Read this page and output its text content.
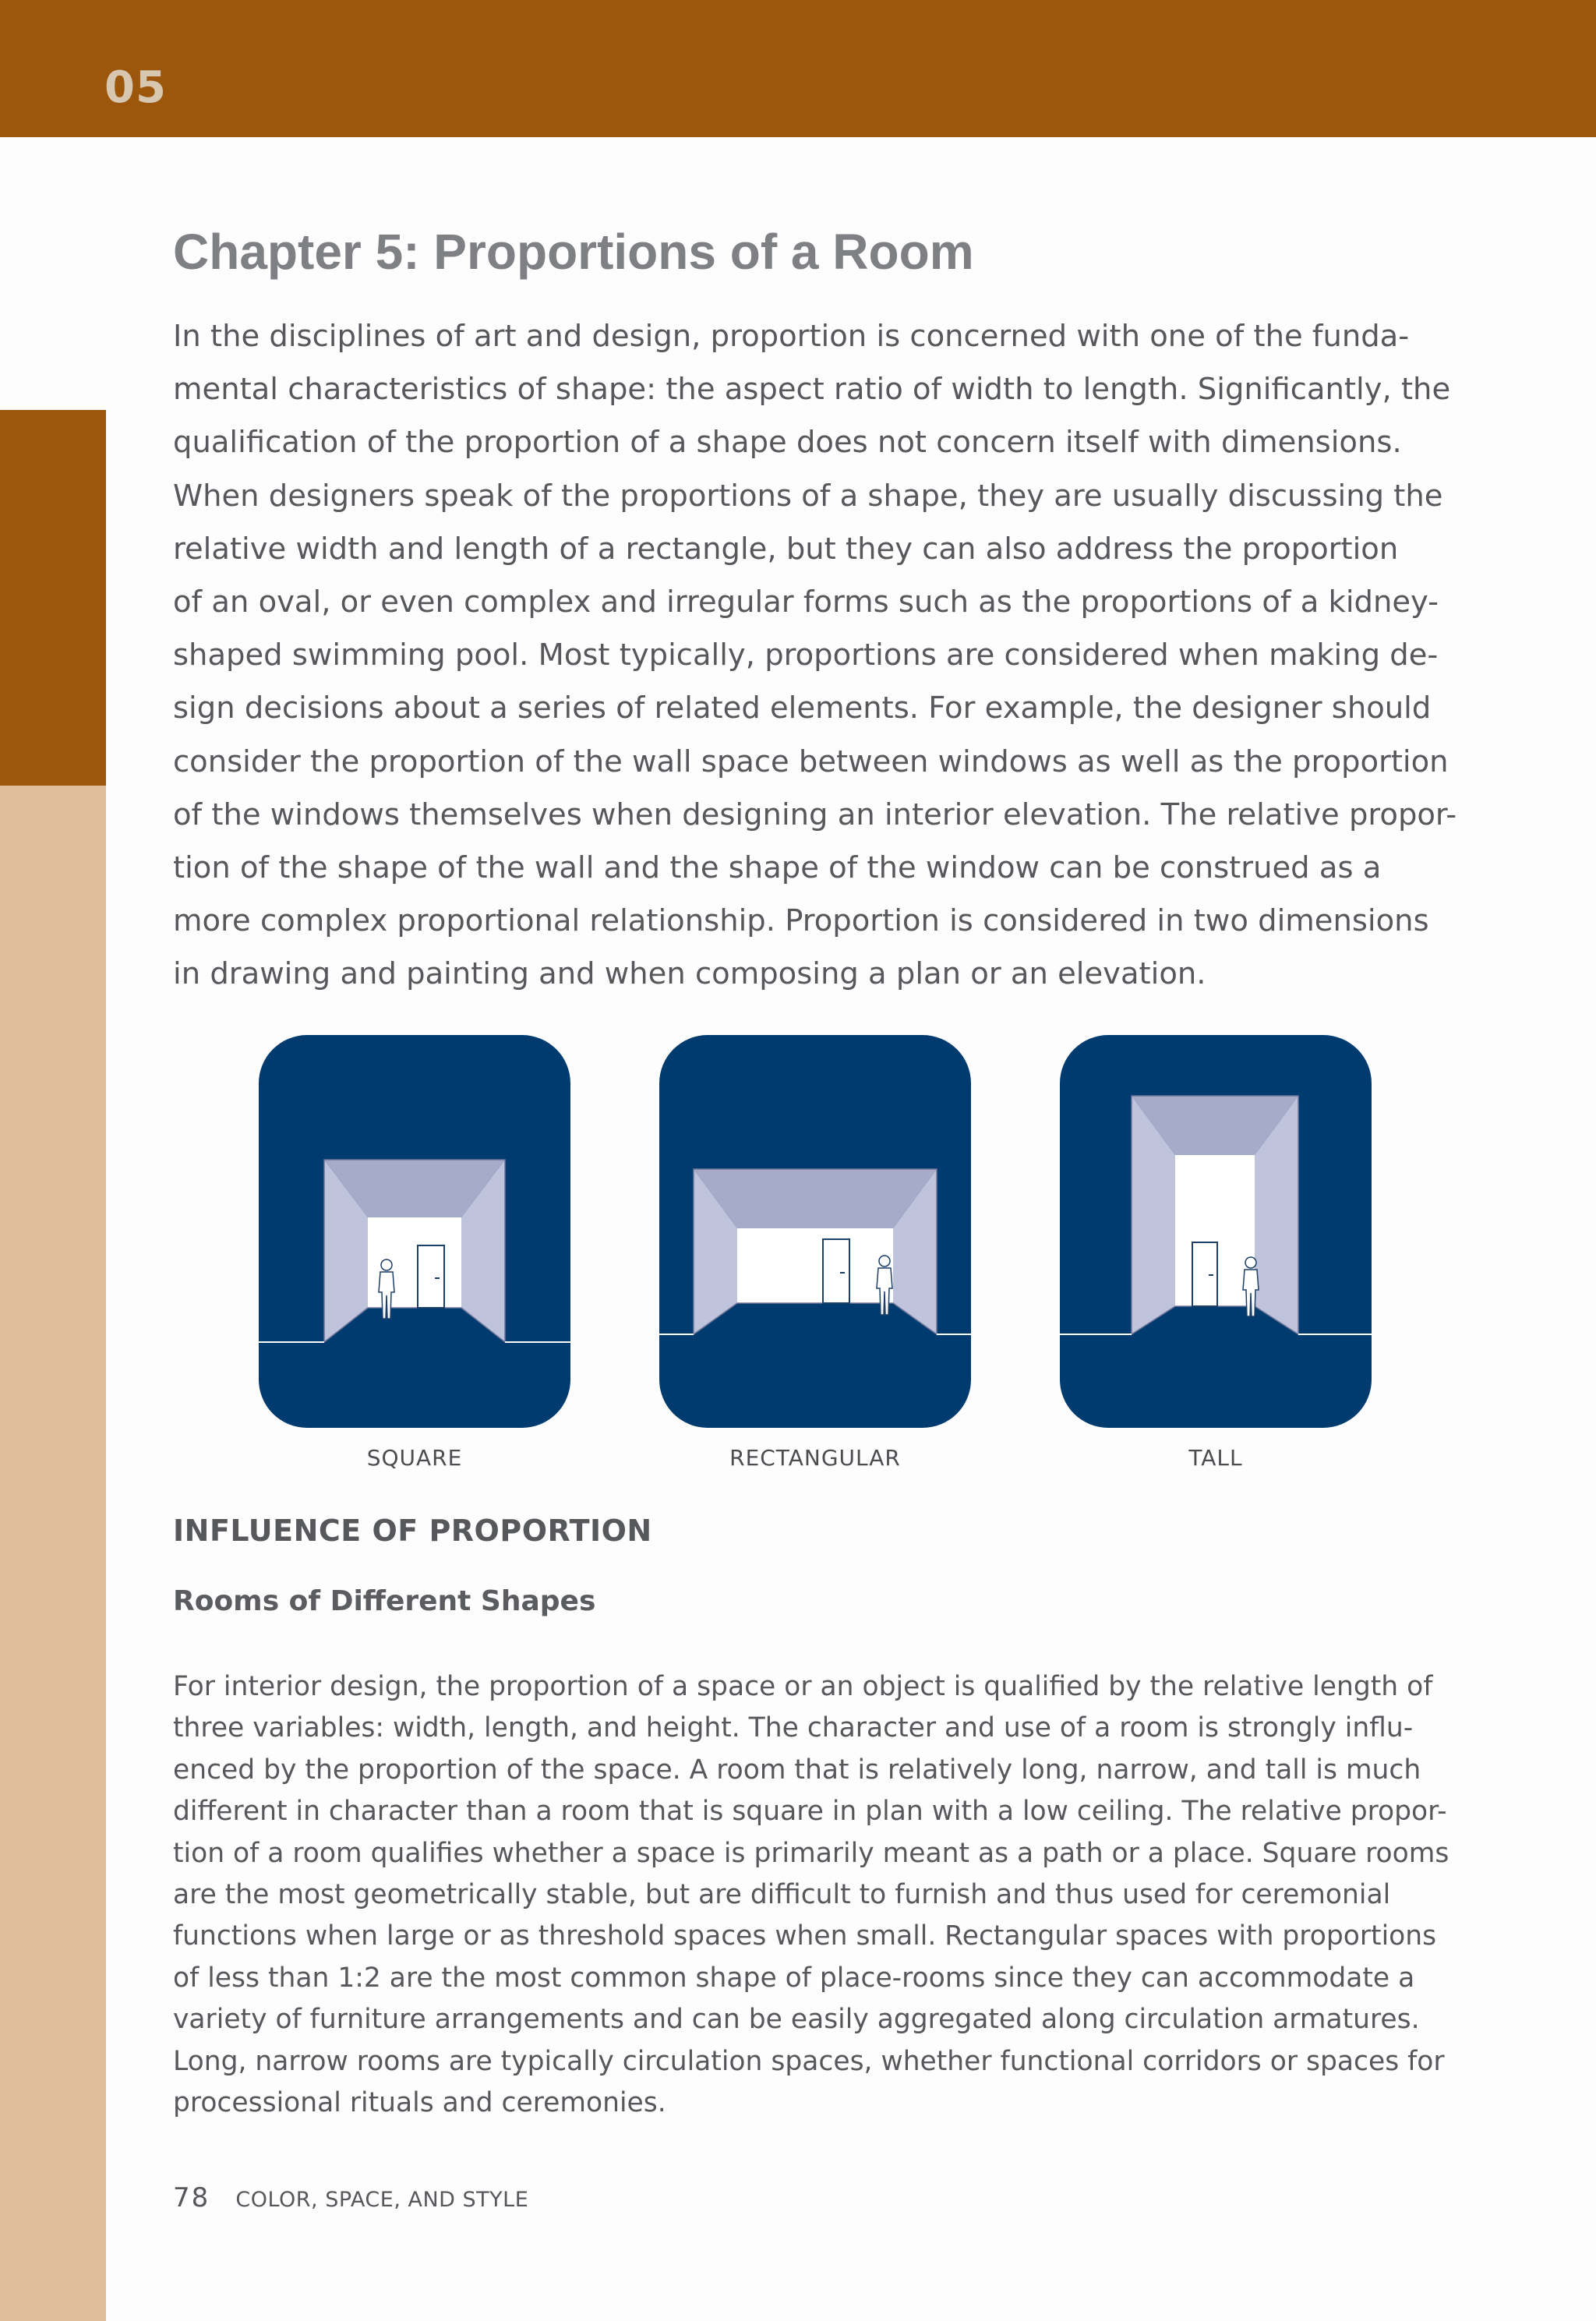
05
Chapter 5: Proportions of a Room
In the disciplines of art and design, proportion is concerned with one of the funda-
mental characteristics of shape: the aspect ratio of width to length. Significantly, the
qualification of the proportion of a shape does not concern itself with dimensions.
When designers speak of the proportions of a shape, they are usually discussing the
relative width and length of a rectangle, but they can also address the proportion
of an oval, or even complex and irregular forms such as the proportions of a kidney-
shaped swimming pool. Most typically, proportions are considered when making de-
sign decisions about a series of related elements. For example, the designer should
consider the proportion of the wall space between windows as well as the proportion
of the windows themselves when designing an interior elevation. The relative propor-
tion of the shape of the wall and the shape of the window can be construed as a
more complex proportional relationship. Proportion is considered in two dimensions
in drawing and painting and when composing a plan or an elevation.
SQUARE	RECTANGULAR	TALL
INFLUENCE OF PROPORTION
Rooms of Different Shapes
For interior design, the proportion of a space or an object is qualified by the relative length of
three variables: width, length, and height. The character and use of a room is strongly influ-
enced by the proportion of the space. A room that is relatively long, narrow, and tall is much
different in character than a room that is square in plan with a low ceiling. The relative propor-
tion of a room qualifies whether a space is primarily meant as a path or a place. Square rooms
are the most geometrically stable, but are difficult to furnish and thus used for ceremonial
functions when large or as threshold spaces when small. Rectangular spaces with proportions
of less than 1:2 are the most common shape of place-rooms since they can accommodate a
variety of furniture arrangements and can be easily aggregated along circulation armatures.
Long, narrow rooms are typically circulation spaces, whether functional corridors or spaces for
processional rituals and ceremonies.
78 COLOR, SPACE, AND STYLE
